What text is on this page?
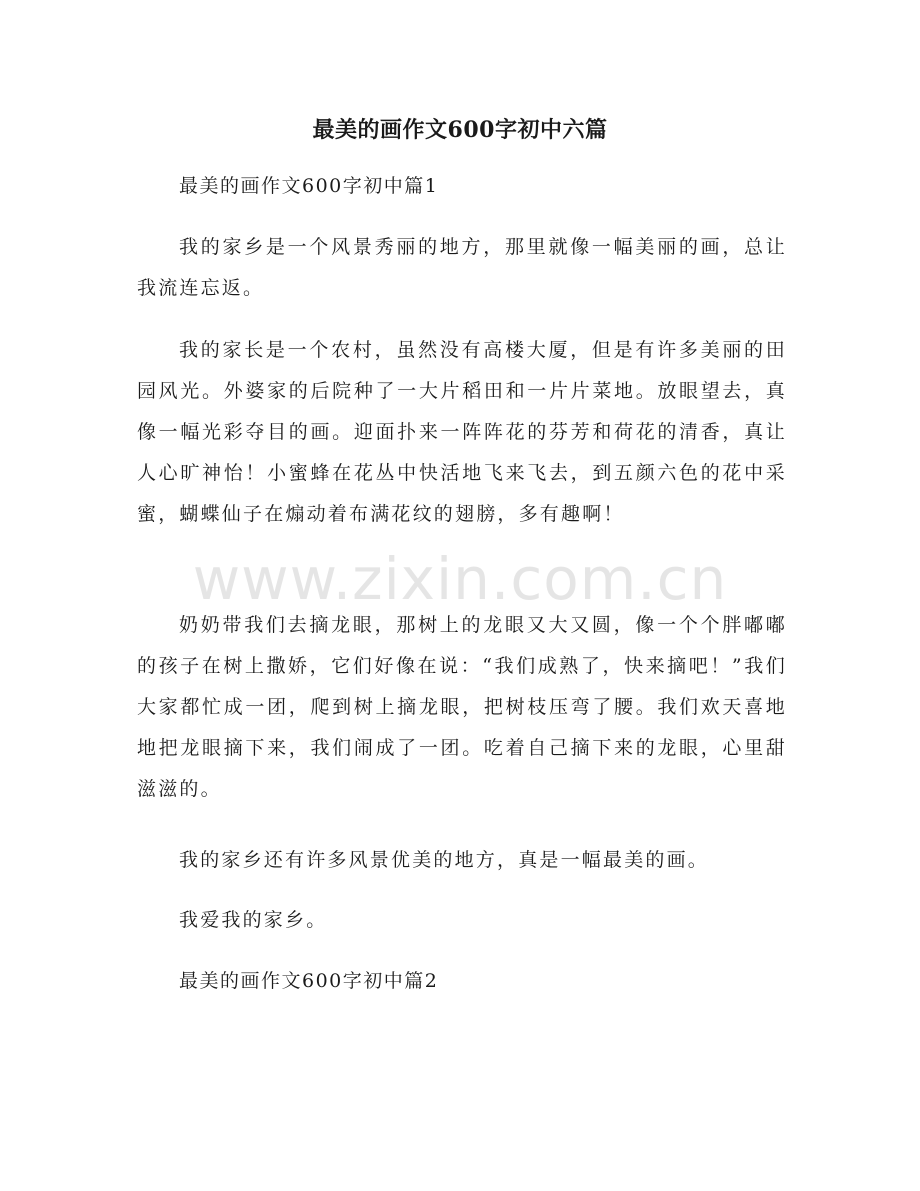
最美的画作文600字初中六篇

最美的画作文600字初中篇1

我的家乡是一个风景秀丽的地方，那里就像一幅美丽的画，总让我流连忘返。

我的家长是一个农村，虽然没有高楼大厦，但是有许多美丽的田园风光。外婆家的后院种了一大片稻田和一片片菜地。放眼望去，真像一幅光彩夺目的画。迎面扑来一阵阵花的芬芳和荷花的清香，真让人心旷神怡！小蜜蜂在花丛中快活地飞来飞去，到五颜六色的花中采蜜，蝴蝶仙子在煽动着布满花纹的翅膀，多有趣啊！

奶奶带我们去摘龙眼，那树上的龙眼又大又圆，像一个个胖嘟嘟的孩子在树上撒娇，它们好像在说：“我们成熟了，快来摘吧！”我们大家都忙成一团，爬到树上摘龙眼，把树枝压弯了腰。我们欢天喜地地把龙眼摘下来，我们闹成了一团。吃着自己摘下来的龙眼，心里甜滋滋的。

我的家乡还有许多风景优美的地方，真是一幅最美的画。

我爱我的家乡。

最美的画作文600字初中篇2

www.zixin.com.cn
